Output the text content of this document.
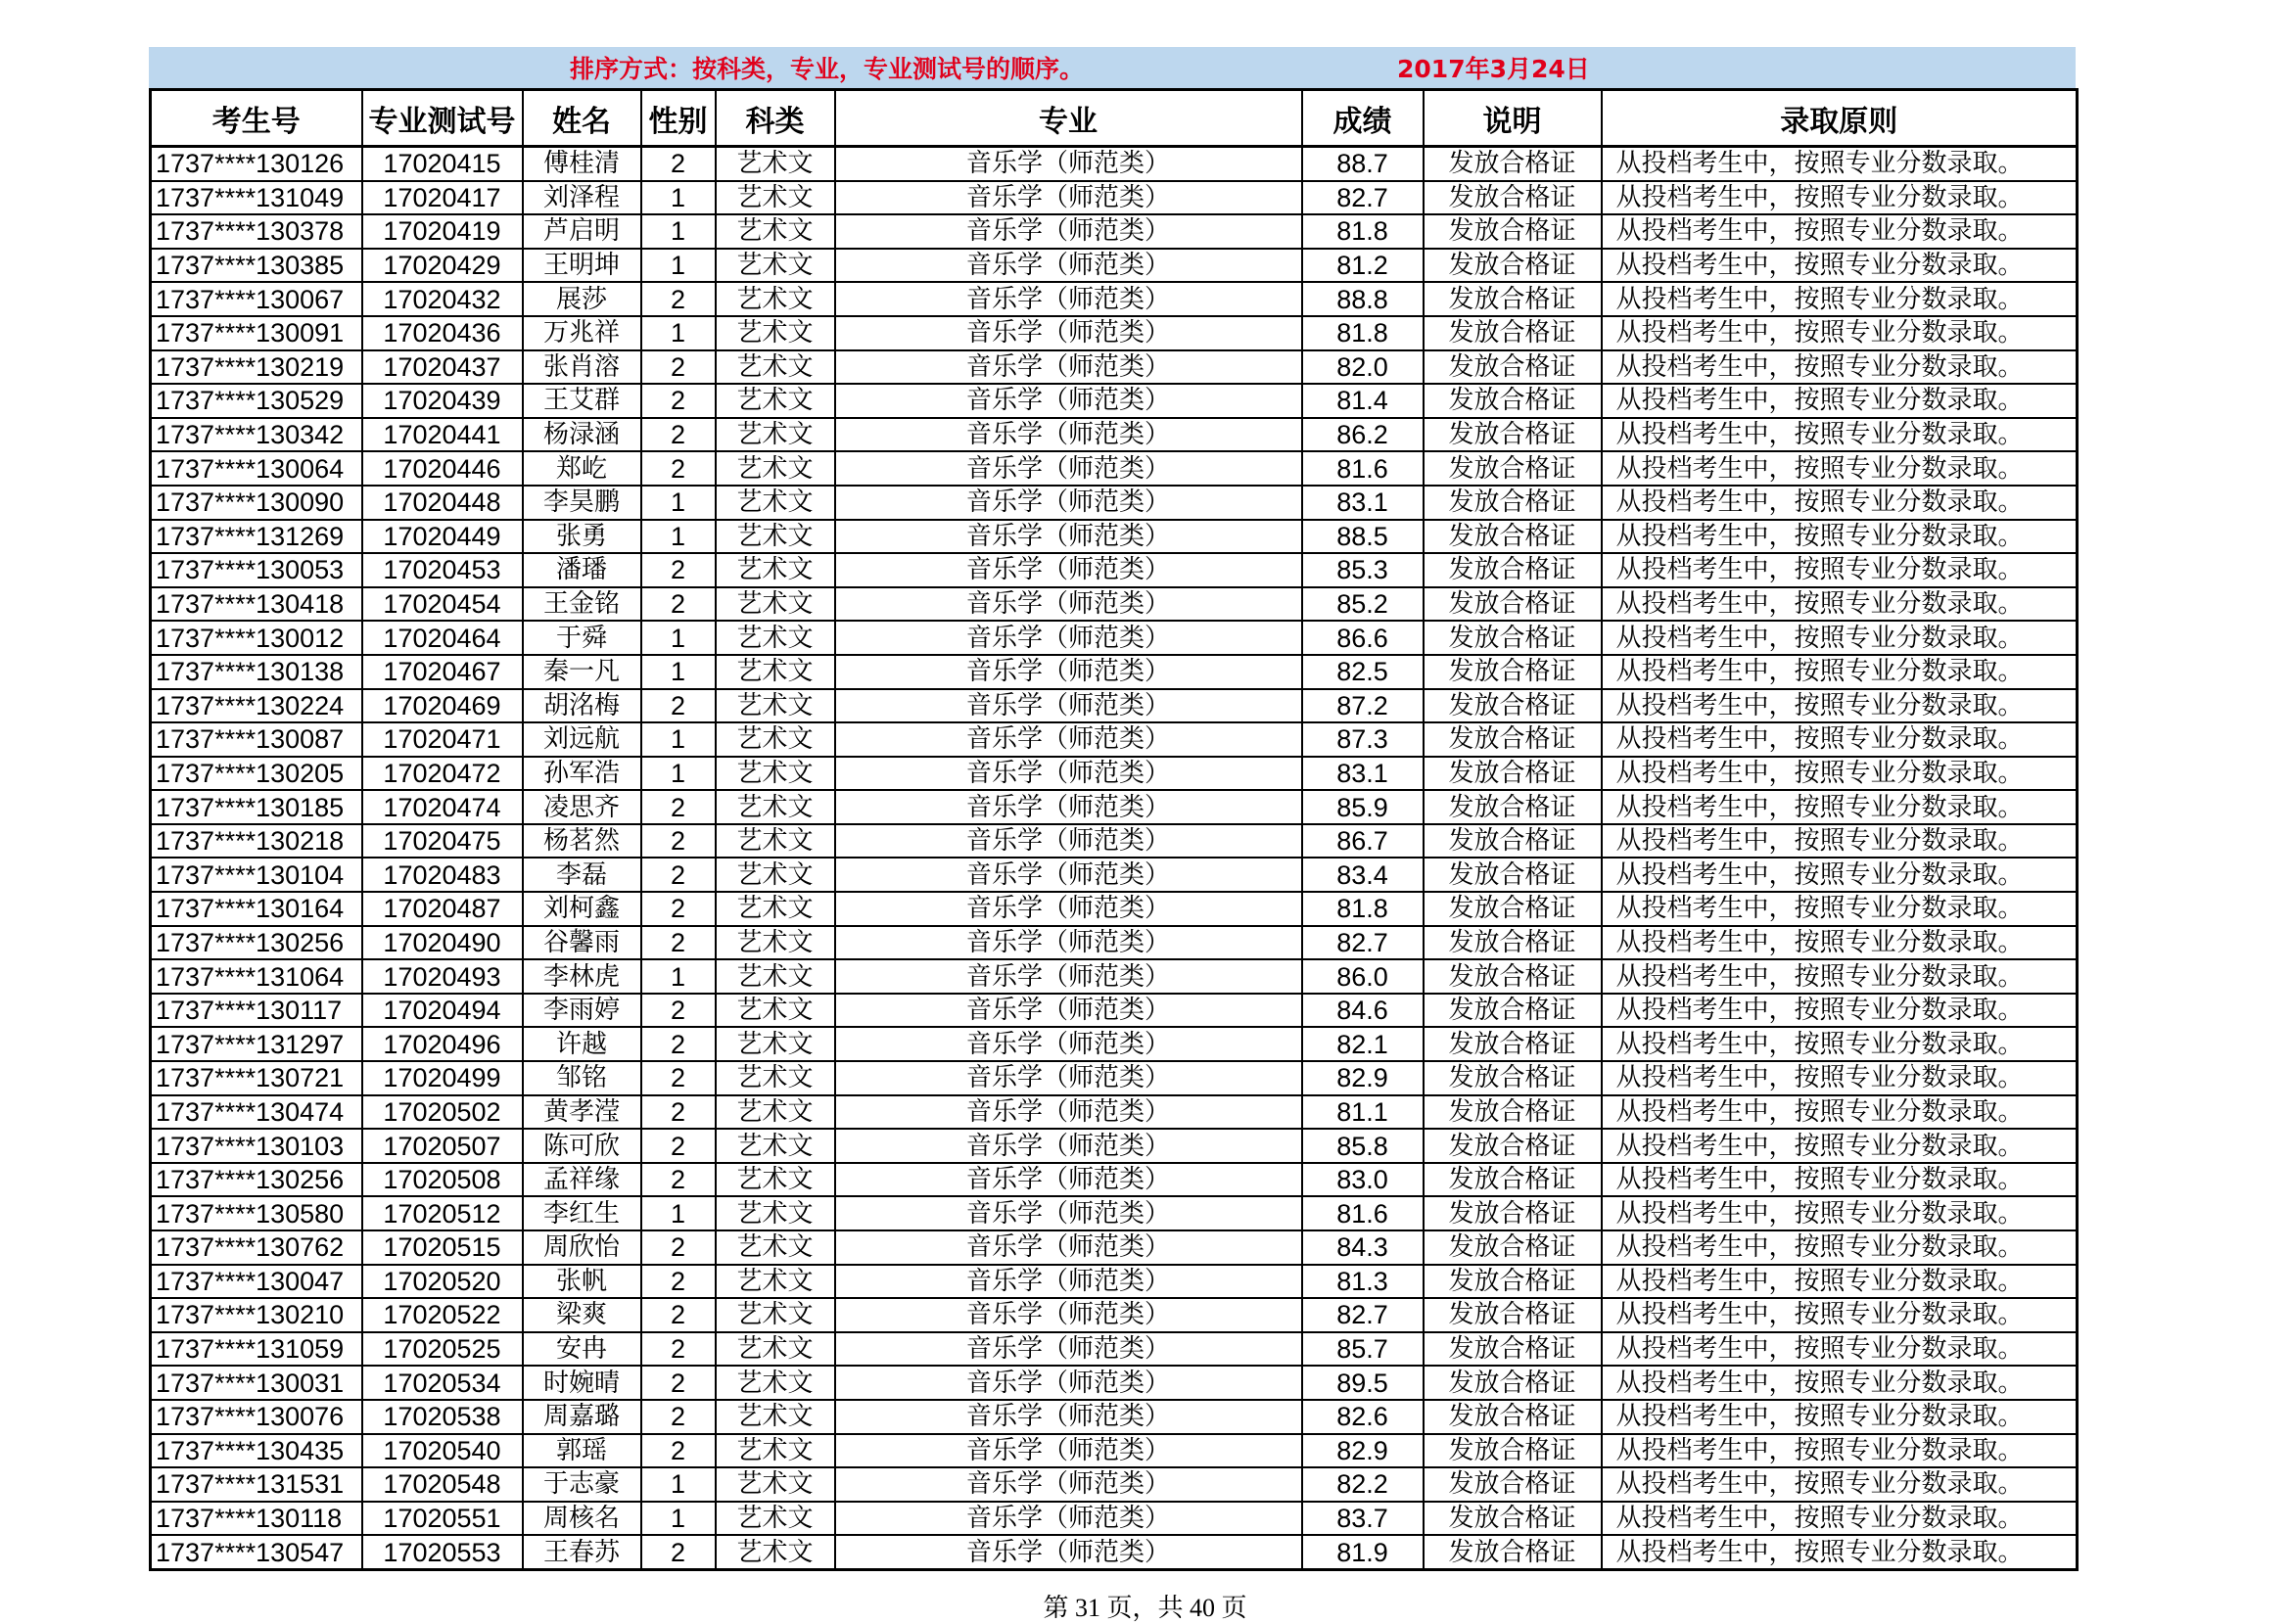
排序方式：按科类，专业，专业测试号的顺序。	2017年3月24日
考生号	专业测试号	姓名	性别	科类	专业	成绩	说明	录取原则
1737****130126	17020415	傅桂清	2	艺术文	音乐学（师范类）	88.7	发放合格证	从投档考生中，按照专业分数录取。
1737****131049	17020417	刘泽程	1	艺术文	音乐学（师范类）	82.7	发放合格证	从投档考生中，按照专业分数录取。
1737****130378	17020419	芦启明	1	艺术文	音乐学（师范类）	81.8	发放合格证	从投档考生中，按照专业分数录取。
1737****130385	17020429	王明坤	1	艺术文	音乐学（师范类）	81.2	发放合格证	从投档考生中，按照专业分数录取。
1737****130067	17020432	展莎	2	艺术文	音乐学（师范类）	88.8	发放合格证	从投档考生中，按照专业分数录取。
1737****130091	17020436	万兆祥	1	艺术文	音乐学（师范类）	81.8	发放合格证	从投档考生中，按照专业分数录取。
1737****130219	17020437	张肖溶	2	艺术文	音乐学（师范类）	82.0	发放合格证	从投档考生中，按照专业分数录取。
1737****130529	17020439	王艾群	2	艺术文	音乐学（师范类）	81.4	发放合格证	从投档考生中，按照专业分数录取。
1737****130342	17020441	杨渌涵	2	艺术文	音乐学（师范类）	86.2	发放合格证	从投档考生中，按照专业分数录取。
1737****130064	17020446	郑屹	2	艺术文	音乐学（师范类）	81.6	发放合格证	从投档考生中，按照专业分数录取。
1737****130090	17020448	李昊鹏	1	艺术文	音乐学（师范类）	83.1	发放合格证	从投档考生中，按照专业分数录取。
1737****131269	17020449	张勇	1	艺术文	音乐学（师范类）	88.5	发放合格证	从投档考生中，按照专业分数录取。
1737****130053	17020453	潘璠	2	艺术文	音乐学（师范类）	85.3	发放合格证	从投档考生中，按照专业分数录取。
1737****130418	17020454	王金铭	2	艺术文	音乐学（师范类）	85.2	发放合格证	从投档考生中，按照专业分数录取。
1737****130012	17020464	于舜	1	艺术文	音乐学（师范类）	86.6	发放合格证	从投档考生中，按照专业分数录取。
1737****130138	17020467	秦一凡	1	艺术文	音乐学（师范类）	82.5	发放合格证	从投档考生中，按照专业分数录取。
1737****130224	17020469	胡洺梅	2	艺术文	音乐学（师范类）	87.2	发放合格证	从投档考生中，按照专业分数录取。
1737****130087	17020471	刘远航	1	艺术文	音乐学（师范类）	87.3	发放合格证	从投档考生中，按照专业分数录取。
1737****130205	17020472	孙军浩	1	艺术文	音乐学（师范类）	83.1	发放合格证	从投档考生中，按照专业分数录取。
1737****130185	17020474	凌思齐	2	艺术文	音乐学（师范类）	85.9	发放合格证	从投档考生中，按照专业分数录取。
1737****130218	17020475	杨茗然	2	艺术文	音乐学（师范类）	86.7	发放合格证	从投档考生中，按照专业分数录取。
1737****130104	17020483	李磊	2	艺术文	音乐学（师范类）	83.4	发放合格证	从投档考生中，按照专业分数录取。
1737****130164	17020487	刘柯鑫	2	艺术文	音乐学（师范类）	81.8	发放合格证	从投档考生中，按照专业分数录取。
1737****130256	17020490	谷馨雨	2	艺术文	音乐学（师范类）	82.7	发放合格证	从投档考生中，按照专业分数录取。
1737****131064	17020493	李林虎	1	艺术文	音乐学（师范类）	86.0	发放合格证	从投档考生中，按照专业分数录取。
1737****130117	17020494	李雨婷	2	艺术文	音乐学（师范类）	84.6	发放合格证	从投档考生中，按照专业分数录取。
1737****131297	17020496	许越	2	艺术文	音乐学（师范类）	82.1	发放合格证	从投档考生中，按照专业分数录取。
1737****130721	17020499	邹铭	2	艺术文	音乐学（师范类）	82.9	发放合格证	从投档考生中，按照专业分数录取。
1737****130474	17020502	黄孝滢	2	艺术文	音乐学（师范类）	81.1	发放合格证	从投档考生中，按照专业分数录取。
1737****130103	17020507	陈可欣	2	艺术文	音乐学（师范类）	85.8	发放合格证	从投档考生中，按照专业分数录取。
1737****130256	17020508	孟祥缘	2	艺术文	音乐学（师范类）	83.0	发放合格证	从投档考生中，按照专业分数录取。
1737****130580	17020512	李红生	1	艺术文	音乐学（师范类）	81.6	发放合格证	从投档考生中，按照专业分数录取。
1737****130762	17020515	周欣怡	2	艺术文	音乐学（师范类）	84.3	发放合格证	从投档考生中，按照专业分数录取。
1737****130047	17020520	张帆	2	艺术文	音乐学（师范类）	81.3	发放合格证	从投档考生中，按照专业分数录取。
1737****130210	17020522	梁爽	2	艺术文	音乐学（师范类）	82.7	发放合格证	从投档考生中，按照专业分数录取。
1737****131059	17020525	安冉	2	艺术文	音乐学（师范类）	85.7	发放合格证	从投档考生中，按照专业分数录取。
1737****130031	17020534	时婉晴	2	艺术文	音乐学（师范类）	89.5	发放合格证	从投档考生中，按照专业分数录取。
1737****130076	17020538	周嘉璐	2	艺术文	音乐学（师范类）	82.6	发放合格证	从投档考生中，按照专业分数录取。
1737****130435	17020540	郭瑶	2	艺术文	音乐学（师范类）	82.9	发放合格证	从投档考生中，按照专业分数录取。
1737****131531	17020548	于志豪	1	艺术文	音乐学（师范类）	82.2	发放合格证	从投档考生中，按照专业分数录取。
1737****130118	17020551	周核名	1	艺术文	音乐学（师范类）	83.7	发放合格证	从投档考生中，按照专业分数录取。
1737****130547	17020553	王春苏	2	艺术文	音乐学（师范类）	81.9	发放合格证	从投档考生中，按照专业分数录取。
第 31 页，共 40 页
